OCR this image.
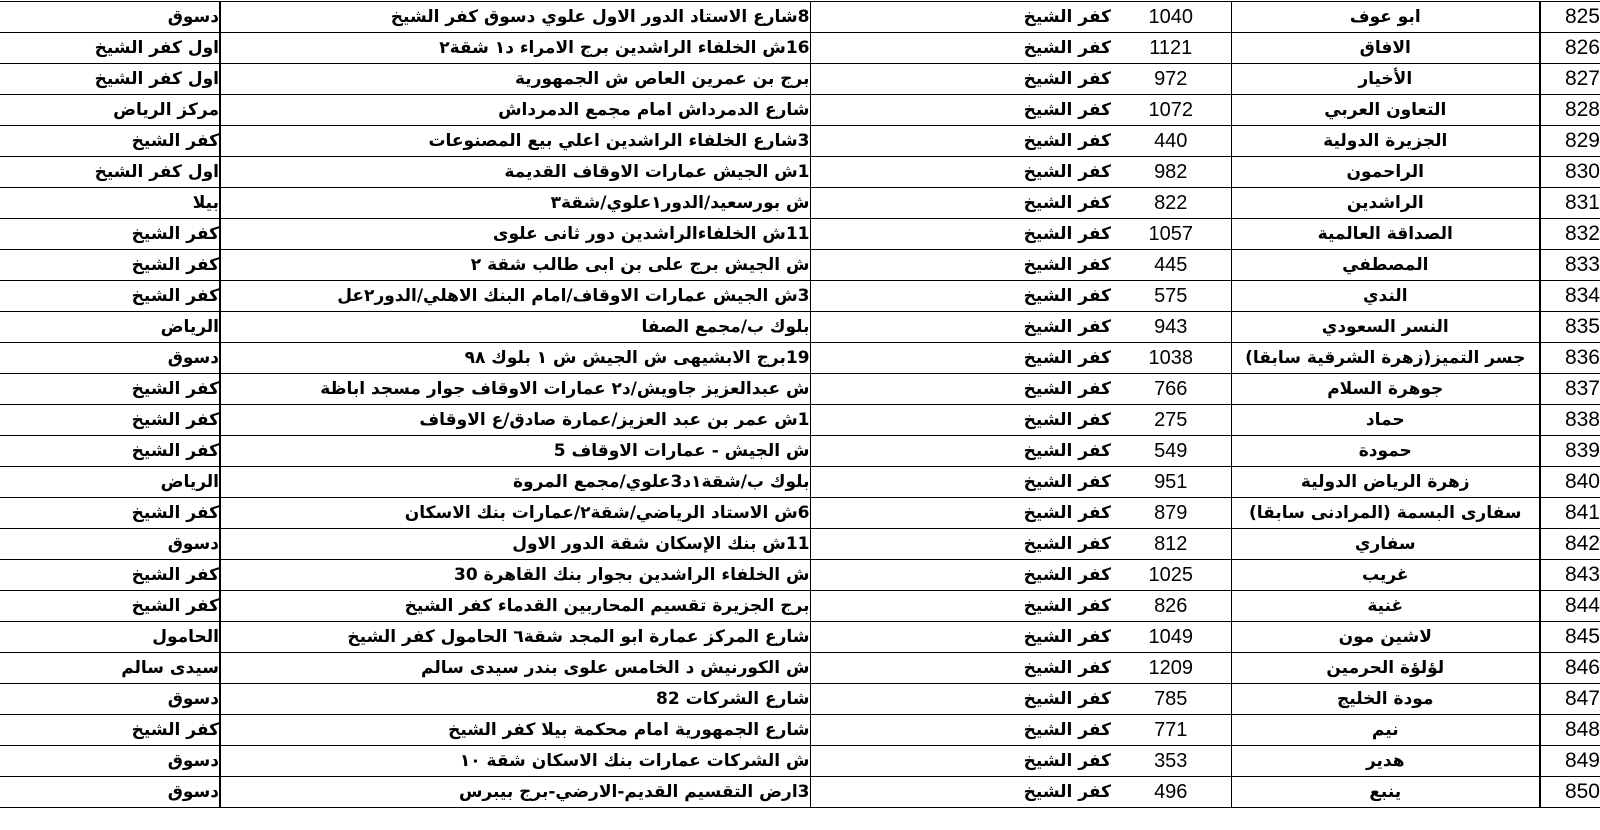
دسوق	8شارع الاستاد الدور الاول علوي دسوق كفر الشيخ	كفر الشيخ	1040	ابو عوف	825
اول كفر الشيخ	16ش الخلفاء الراشدين برج الامراء د١ شقة٢	كفر الشيخ	1121	الافاق	826
اول كفر الشيخ	برج بن عمرين العاص ش الجمهورية	كفر الشيخ	972	الأخيار	827
مركز الرياض	شارع الدمرداش امام مجمع الدمرداش	كفر الشيخ	1072	التعاون العربي	828
كفر الشيخ	3شارع الخلفاء الراشدين اعلي بيع المصنوعات	كفر الشيخ	440	الجزيرة الدولية	829
اول كفر الشيخ	1ش الجيش عمارات الاوقاف القديمة	كفر الشيخ	982	الراحمون	830
بيلا	ش بورسعيد/الدور١علوي/شقة٣	كفر الشيخ	822	الراشدين	831
كفر الشيخ	11ش الخلفاءالراشدين دور ثانى علوى	كفر الشيخ	1057	الصداقة العالمية	832
كفر الشيخ	ش الجيش برج على بن ابى طالب شقة ٢	كفر الشيخ	445	المصطفي	833
كفر الشيخ	3ش الجيش عمارات الاوقاف/امام البنك الاهلي/الدور٢عل	كفر الشيخ	575	الندي	834
الرياض	بلوك ب/مجمع الصفا	كفر الشيخ	943	النسر السعودي	835
دسوق	19برج الابشيهى ش الجيش ش ١ بلوك ٩٨	كفر الشيخ	1038	جسر التميز(زهرة الشرقية سابقا)	836
كفر الشيخ	ش عبدالعزيز جاويش/د٢ عمارات الاوقاف جوار مسجد اباظة	كفر الشيخ	766	جوهرة السلام	837
كفر الشيخ	1ش عمر بن عبد العزيز/عمارة صادق/ع الاوقاف	كفر الشيخ	275	حماد	838
كفر الشيخ	ش الجيش - عمارات الاوقاف 5	كفر الشيخ	549	حمودة	839
الرياض	بلوك ب/شقة١د3علوي/مجمع المروة	كفر الشيخ	951	زهرة الرياض الدولية	840
كفر الشيخ	6ش الاستاد الرياضي/شقة٢/عمارات بنك الاسكان	كفر الشيخ	879	سفارى البسمة (المرادنى سابقا)	841
دسوق	11ش بنك الإسكان شقة الدور الاول	كفر الشيخ	812	سفاري	842
كفر الشيخ	ش الخلفاء الراشدين بجوار بنك القاهرة 30	كفر الشيخ	1025	غريب	843
كفر الشيخ	برج الجزيرة تقسيم المحاربين القدماء كفر الشيخ	كفر الشيخ	826	غنية	844
الحامول	شارع المركز عمارة ابو المجد شقة٦ الحامول كفر الشيخ	كفر الشيخ	1049	لاشين مون	845
سيدى سالم	ش الكورنيش د الخامس علوى بندر سيدى سالم	كفر الشيخ	1209	لؤلؤة الحرمين	846
دسوق	شارع الشركات 82	كفر الشيخ	785	مودة الخليج	847
كفر الشيخ	شارع الجمهورية امام محكمة بيلا كفر الشيخ	كفر الشيخ	771	نيم	848
دسوق	ش الشركات عمارات بنك الاسكان شقة ١٠	كفر الشيخ	353	هدير	849
دسوق	3ارض التقسيم القديم-الارضي-برج بيبرس	كفر الشيخ	496	ينبع	850
